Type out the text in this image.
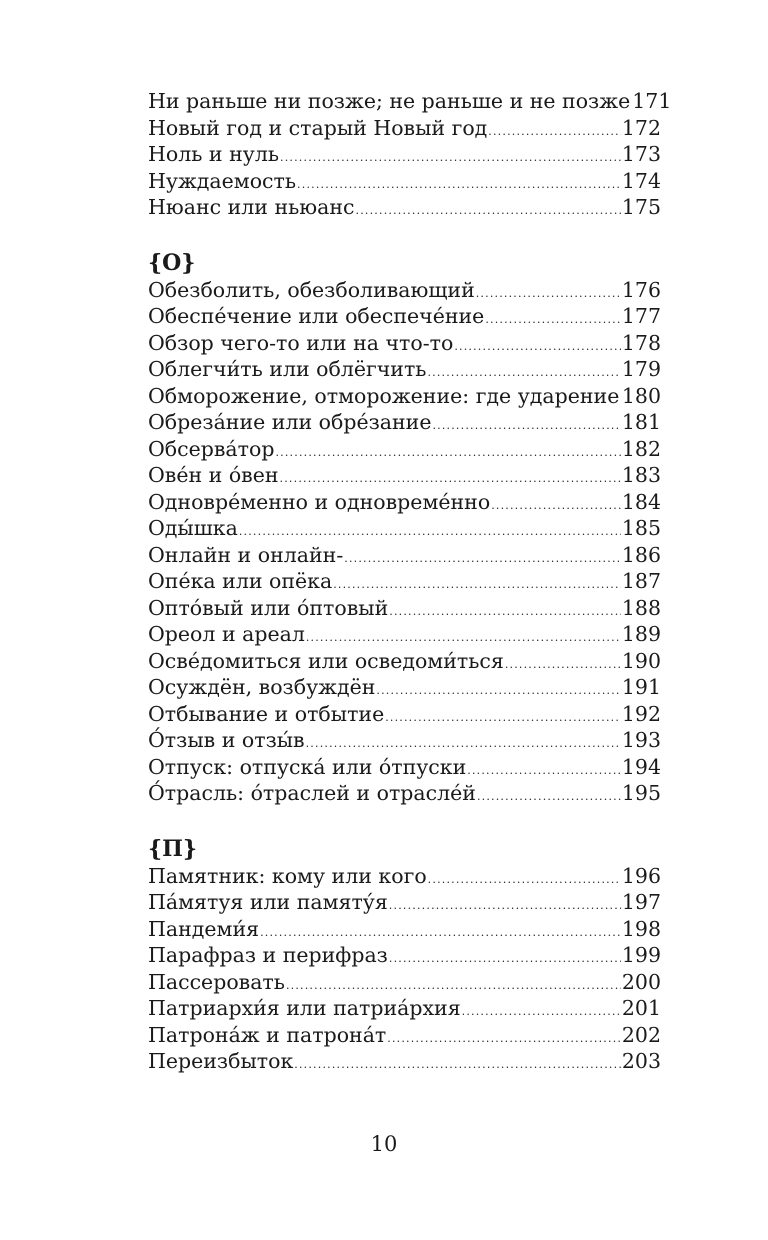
Ни раньше ни позже; не раньше и не позже 171
Новый год и старый Новый год .....	172
Ноль и нуль .....	173
Нуждаемость .....	174
Нюанс или ньюанс .....	175
{О}
Обезболить, обезболивающий .....	176
Обеспе́чение или обеспече́ние .....	177
Обзор чего-то или на что-то .....	178
Облегчи́ть или облёгчить .....	179
Обморожение, отморожение: где ударение ..... 180
Обреза́ние или обре́зание .....	181
Обсерва́тор .....	182
Ове́н и о́вен .....	183
Одновре́менно и одновреме́нно .....	184
Оды́шка .....	185
Онлайн и онлайн- .....	186
Опе́ка или опёка .....	187
Опто́вый или о́птовый .....	188
Ореол и ареал .....	189
Осве́домиться или осведоми́ться .....	190
Осуждён, возбуждён .....	191
Отбывание и отбытие .....	192
О́тзыв и отзы́в .....	193
Отпуск: отпуска́ или о́тпуски .....	194
О́трасль: о́траслей и отрасле́й .....	195
{П}
Памятник: кому или кого .....	196
Па́мятуя или памяту́я .....	197
Пандеми́я .....	198
Парафраз и перифраз .....	199
Пассеровать .....	200
Патриархи́я или патриа́рхия .....	201
Патрона́ж и патрона́т .....	202
Переизбыток .....	203
10
